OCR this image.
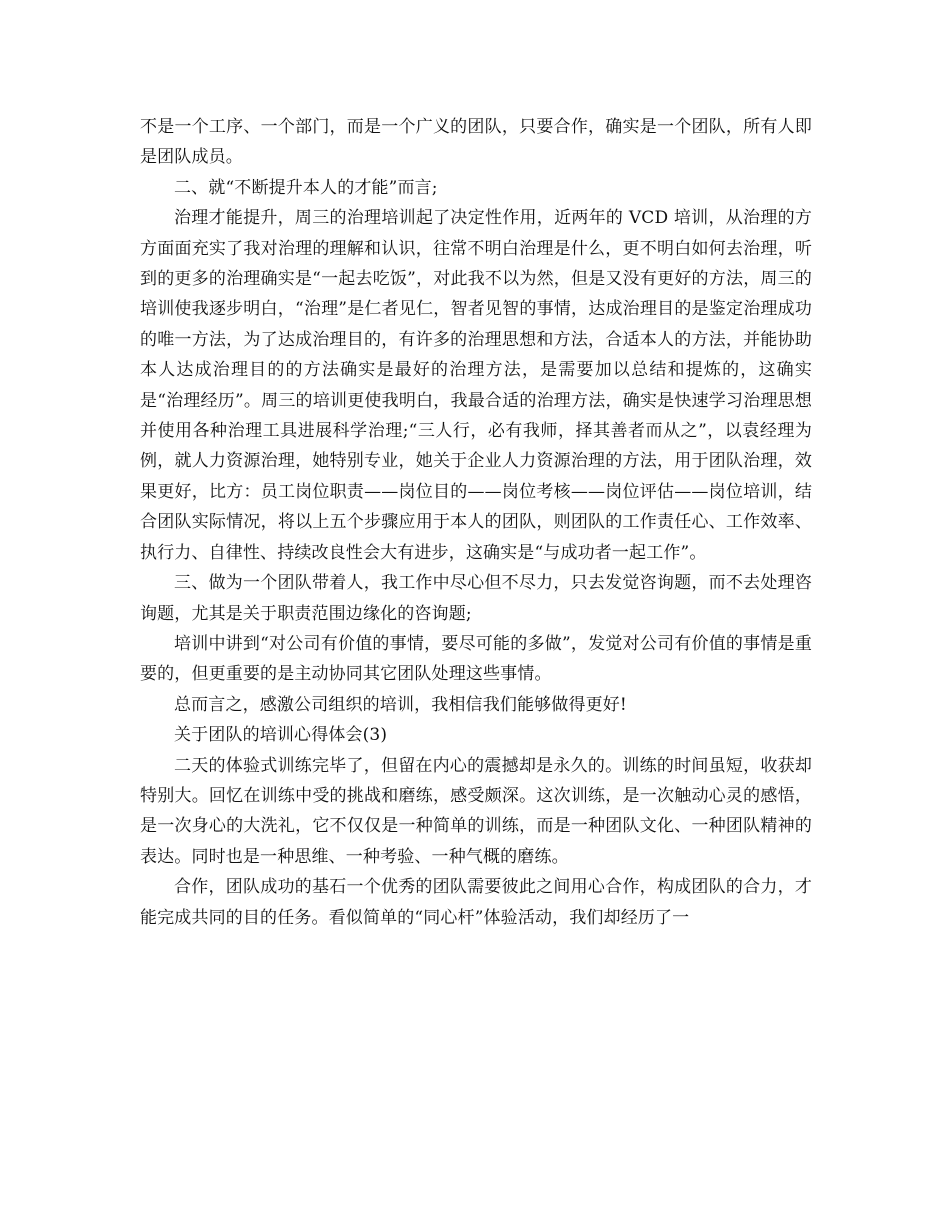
不是一个工序、一个部门，而是一个广义的团队，只要合作，确实是一个团队，所有人即是团队成员。

二、就“不断提升本人的才能”而言;

治理才能提升，周三的治理培训起了决定性作用，近两年的 VCD 培训，从治理的方方面面充实了我对治理的理解和认识，往常不明白治理是什么，更不明白如何去治理，听到的更多的治理确实是“一起去吃饭”，对此我不以为然，但是又没有更好的方法，周三的培训使我逐步明白，“治理”是仁者见仁，智者见智的事情，达成治理目的是鉴定治理成功的唯一方法，为了达成治理目的，有许多的治理思想和方法，合适本人的方法，并能协助本人达成治理目的的方法确实是最好的治理方法，是需要加以总结和提炼的，这确实是“治理经历”。周三的培训更使我明白，我最合适的治理方法，确实是快速学习治理思想并使用各种治理工具进展科学治理;“三人行，必有我师，择其善者而从之”，以袁经理为例，就人力资源治理，她特别专业，她关于企业人力资源治理的方法，用于团队治理，效果更好，比方：员工岗位职责——岗位目的——岗位考核——岗位评估——岗位培训，结合团队实际情况，将以上五个步骤应用于本人的团队，则团队的工作责任心、工作效率、执行力、自律性、持续改良性会大有进步，这确实是“与成功者一起工作”。

三、做为一个团队带着人，我工作中尽心但不尽力，只去发觉咨询题，而不去处理咨询题，尤其是关于职责范围边缘化的咨询题;

培训中讲到“对公司有价值的事情，要尽可能的多做”，发觉对公司有价值的事情是重要的，但更重要的是主动协同其它团队处理这些事情。

总而言之，感激公司组织的培训，我相信我们能够做得更好!

关于团队的培训心得体会(3)

二天的体验式训练完毕了，但留在内心的震撼却是永久的。训练的时间虽短，收获却特别大。回忆在训练中受的挑战和磨练，感受颇深。这次训练，是一次触动心灵的感悟，是一次身心的大洗礼，它不仅仅是一种简单的训练，而是一种团队文化、一种团队精神的表达。同时也是一种思维、一种考验、一种气概的磨练。

合作，团队成功的基石一个优秀的团队需要彼此之间用心合作，构成团队的合力，才能完成共同的目的任务。看似简单的“同心杆”体验活动，我们却经历了一
